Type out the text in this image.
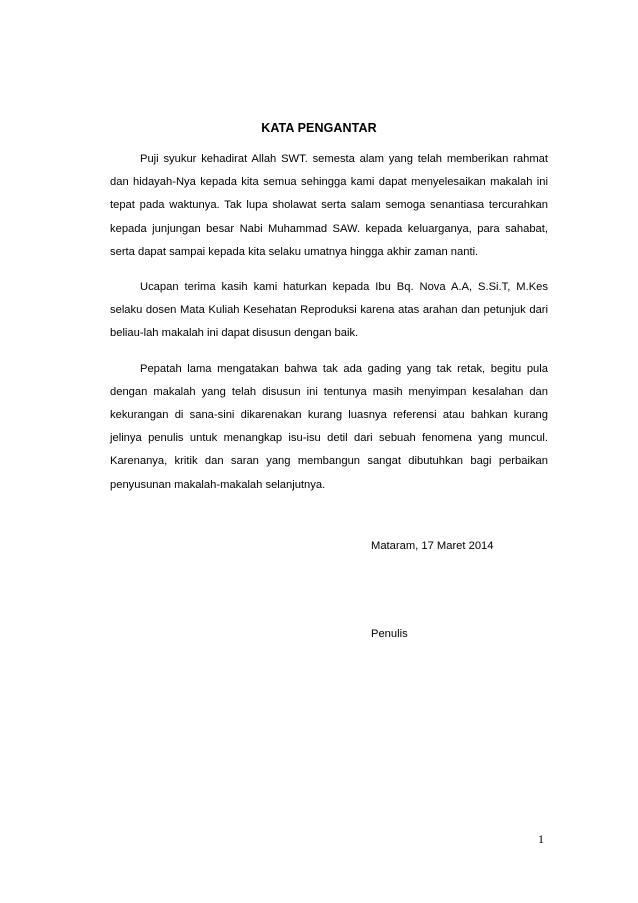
KATA PENGANTAR

Puji syukur kehadirat Allah SWT. semesta alam yang telah memberikan rahmat dan hidayah-Nya kepada kita semua sehingga kami dapat menyelesaikan makalah ini tepat pada waktunya. Tak lupa sholawat serta salam semoga senantiasa tercurahkan kepada junjungan besar Nabi Muhammad SAW. kepada keluarganya, para sahabat, serta dapat sampai kepada kita selaku umatnya hingga akhir zaman nanti.

Ucapan terima kasih kami haturkan kepada Ibu Bq. Nova A.A, S.Si.T, M.Kes selaku dosen Mata Kuliah Kesehatan Reproduksi karena atas arahan dan petunjuk dari beliau-lah makalah ini dapat disusun dengan baik.

Pepatah lama mengatakan bahwa tak ada gading yang tak retak, begitu pula dengan makalah yang telah disusun ini tentunya masih menyimpan kesalahan dan kekurangan di sana-sini dikarenakan kurang luasnya referensi atau bahkan kurang jelinya penulis untuk menangkap isu-isu detil dari sebuah fenomena yang muncul. Karenanya, kritik dan saran yang membangun sangat dibutuhkan bagi perbaikan penyusunan makalah-makalah selanjutnya.

Mataram, 17 Maret 2014
Penulis
1
